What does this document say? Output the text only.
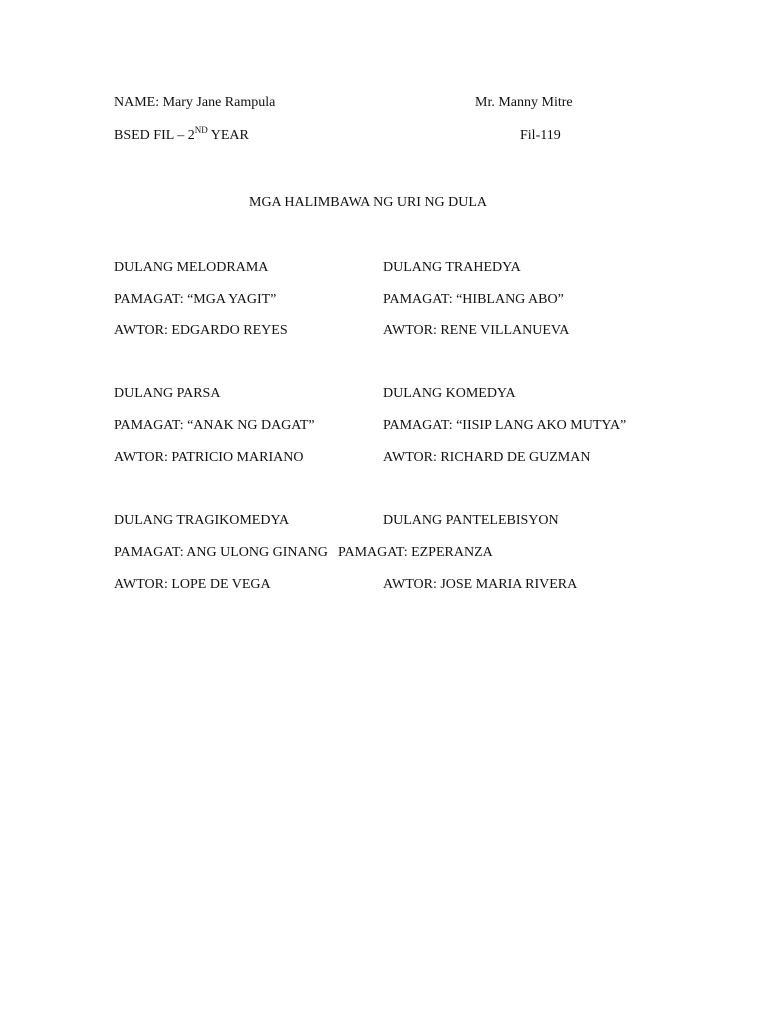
NAME: Mary Jane Rampula	Mr. Manny Mitre
BSED FIL – 2ND YEAR	Fil-119
MGA HALIMBAWA NG URI NG DULA
DULANG MELODRAMA	DULANG TRAHEDYA
PAMAGAT: “MGA YAGIT”	PAMAGAT: “HIBLANG ABO”
AWTOR: EDGARDO REYES	AWTOR: RENE VILLANUEVA
DULANG PARSA	DULANG KOMEDYA
PAMAGAT: “ANAK NG DAGAT”	PAMAGAT: “IISIP LANG AKO MUTYA”
AWTOR: PATRICIO MARIANO	AWTOR: RICHARD DE GUZMAN
DULANG TRAGIKOMEDYA	DULANG PANTELEBISYON
PAMAGAT: ANG ULONG GINANG PAMAGAT: EZPERANZA
AWTOR: LOPE DE VEGA	AWTOR: JOSE MARIA RIVERA
